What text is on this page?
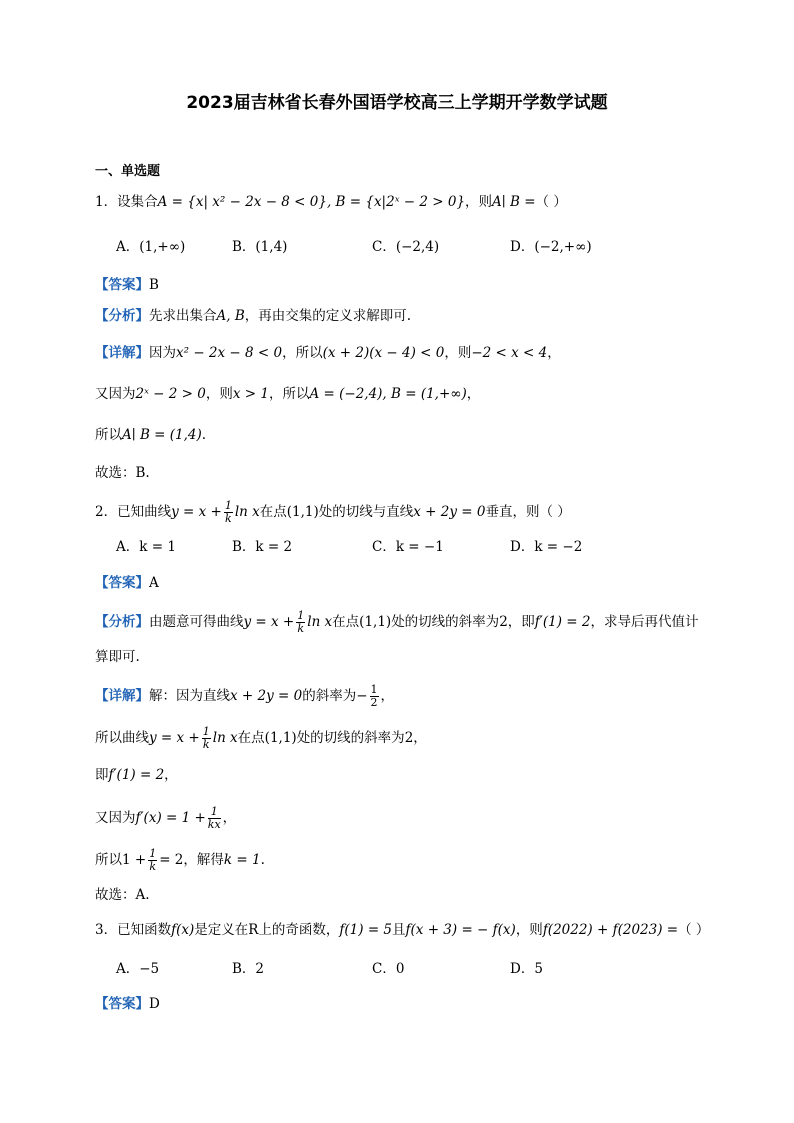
2023届吉林省长春外国语学校高三上学期开学数学试题
一、单选题
1．设集合A = {x| x² − 2x − 8 < 0}, B = {x|2ˣ − 2 > 0}，则A∣ B =（ ）
A．(1,+∞)	B．(1,4)	C．(−2,4)	D．(−2,+∞)
【答案】B
【分析】先求出集合A, B，再由交集的定义求解即可.
【详解】因为x² − 2x − 8 < 0，所以(x + 2)(x − 4) < 0，则−2 < x < 4，
又因为2ˣ − 2 > 0，则x > 1，所以A = (−2,4), B = (1,+∞)，
所以A∣ B = (1,4).
故选：B.
2．已知曲线$y = x + \frac{1}{k}$ ln x在点(1,1)处的切线与直线x + 2y = 0垂直，则（ ）
A．k = 1	B．k = 2	C．k = −1	D．k = −2
【答案】A
【分析】由题意可得曲线$y = x + \frac{1}{k}$ ln x在点(1,1)处的切线的斜率为2，即f′(1) = 2，求导后再代值计
算即可.
【详解】解：因为直线x + 2y = 0的斜率为− $\frac{1}{2}$ ，
所以曲线$y = x + \frac{1}{k}$ ln x在点(1,1)处的切线的斜率为2，
即f′(1) = 2，
又因为$f'(x) = 1 + \frac{1}{kx}$ ，
所以$1 + \frac{1}{k} = 2$，解得k = 1.
故选：A.
3．已知函数f(x)是定义在R上的奇函数，f(1) = 5且f(x + 3) = − f(x)，则f(2022) + f(2023) =（ ）
A．−5	B．2	C．0	D．5
【答案】D
